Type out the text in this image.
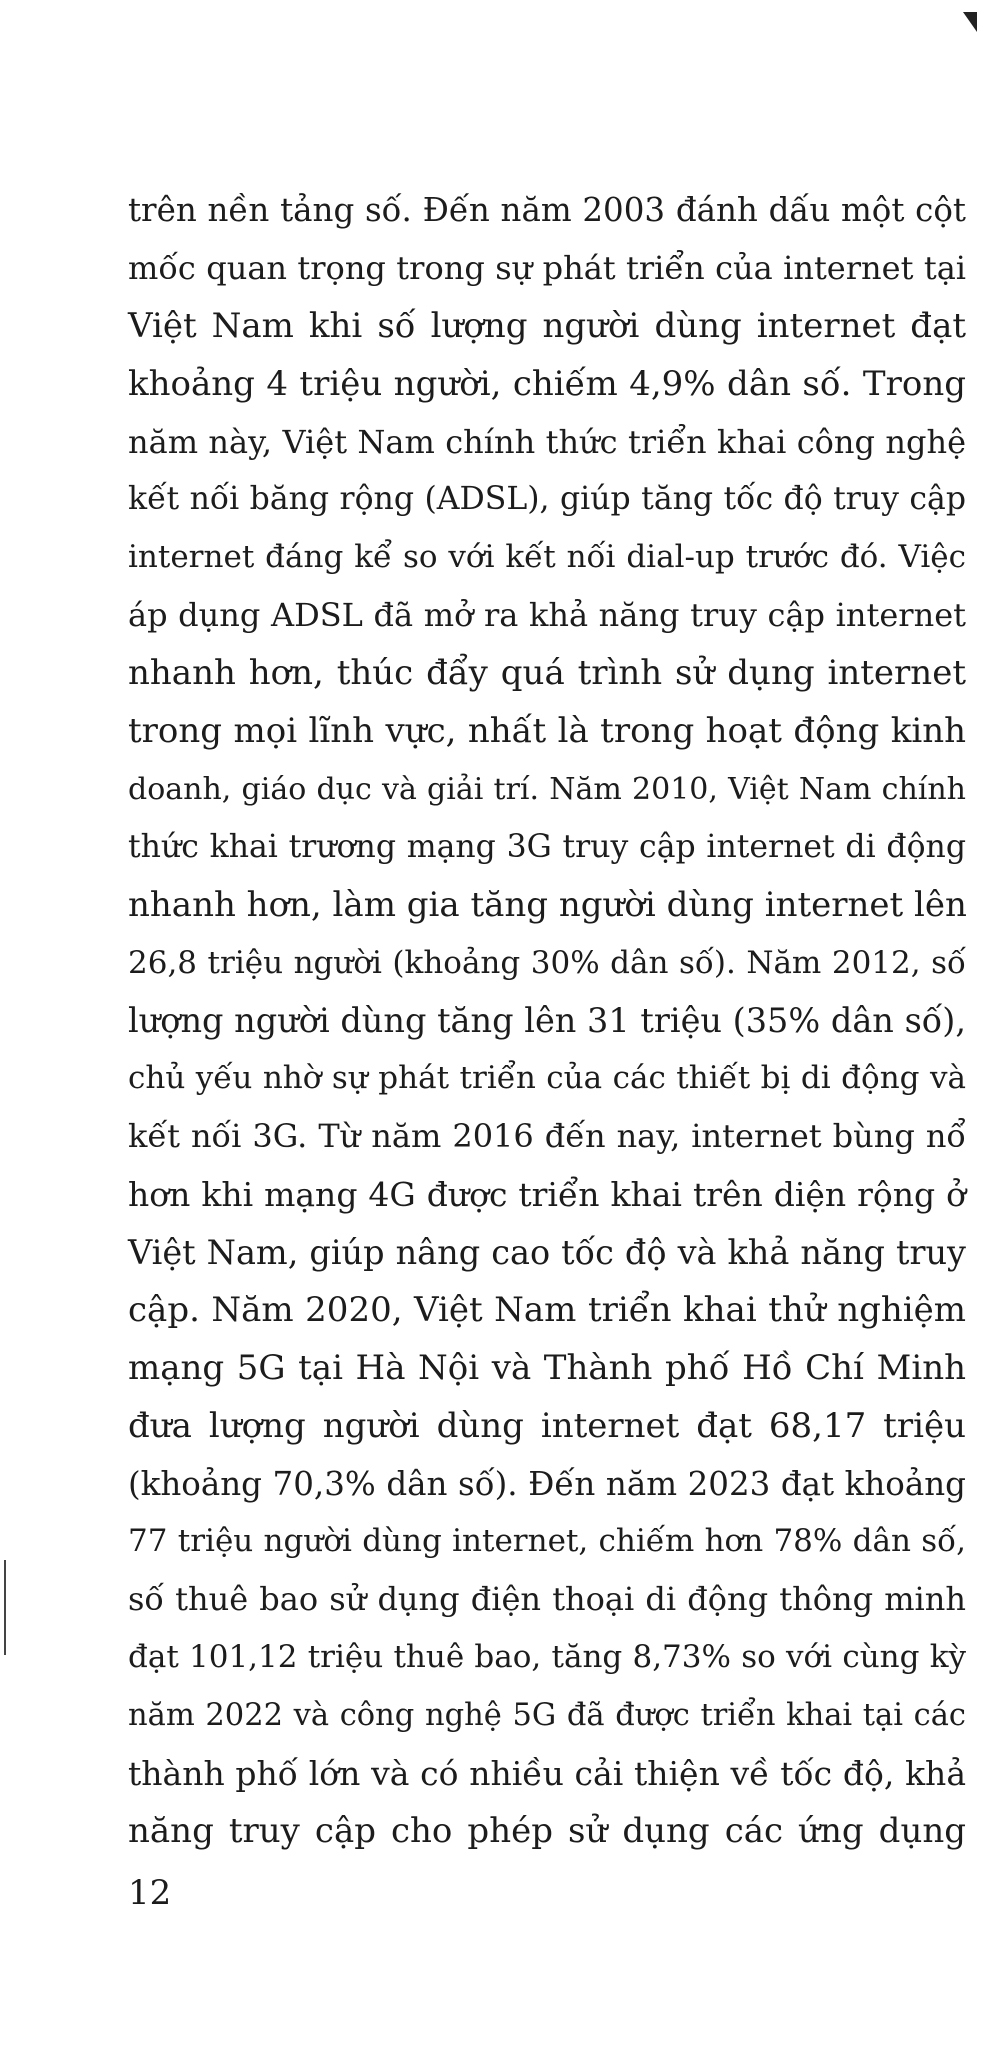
trên nền tảng số. Đến năm 2003 đánh dấu một cột
mốc quan trọng trong sự phát triển của internet tại
Việt Nam khi số lượng người dùng internet đạt
khoảng 4 triệu người, chiếm 4,9% dân số. Trong
năm này, Việt Nam chính thức triển khai công nghệ
kết nối băng rộng (ADSL), giúp tăng tốc độ truy cập
internet đáng kể so với kết nối dial-up trước đó. Việc
áp dụng ADSL đã mở ra khả năng truy cập internet
nhanh hơn, thúc đẩy quá trình sử dụng internet
trong mọi lĩnh vực, nhất là trong hoạt động kinh
doanh, giáo dục và giải trí. Năm 2010, Việt Nam chính
thức khai trương mạng 3G truy cập internet di động
nhanh hơn, làm gia tăng người dùng internet lên
26,8 triệu người (khoảng 30% dân số). Năm 2012, số
lượng người dùng tăng lên 31 triệu (35% dân số),
chủ yếu nhờ sự phát triển của các thiết bị di động và
kết nối 3G. Từ năm 2016 đến nay, internet bùng nổ
hơn khi mạng 4G được triển khai trên diện rộng ở
Việt Nam, giúp nâng cao tốc độ và khả năng truy
cập. Năm 2020, Việt Nam triển khai thử nghiệm
mạng 5G tại Hà Nội và Thành phố Hồ Chí Minh
đưa lượng người dùng internet đạt 68,17 triệu
(khoảng 70,3% dân số). Đến năm 2023 đạt khoảng
77 triệu người dùng internet, chiếm hơn 78% dân số,
số thuê bao sử dụng điện thoại di động thông minh
đạt 101,12 triệu thuê bao, tăng 8,73% so với cùng kỳ
năm 2022 và công nghệ 5G đã được triển khai tại các
thành phố lớn và có nhiều cải thiện về tốc độ, khả
năng truy cập cho phép sử dụng các ứng dụng
12
